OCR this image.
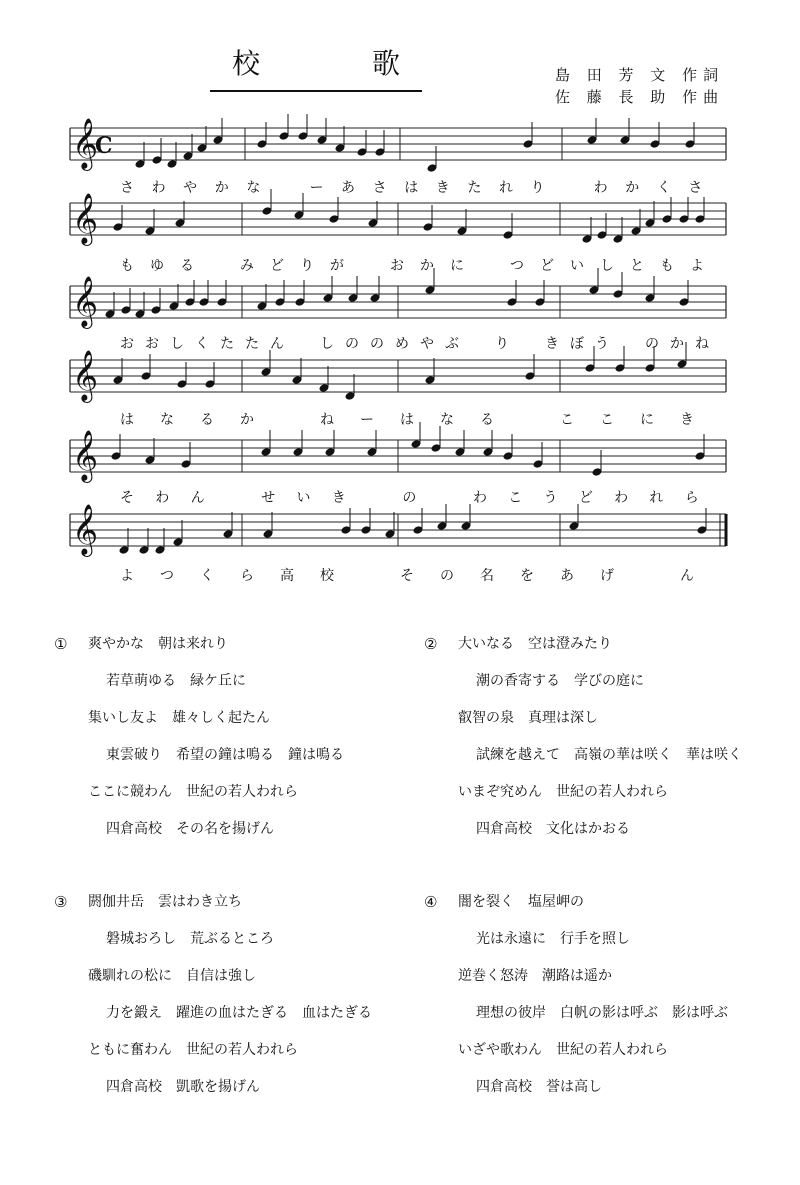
校	歌	島 田 芳 文 作詞
佐 藤 長 助 作曲
𝄞
𝄞
𝄞
𝄞
𝄞
𝄞
C
さ わ や か な	ー あ さ は き た れ り	わ か く さ
も ゆ る	み ど り が	お か に	つ ど い し と も よ
お お し く た た ん	し の の め や ぶ	り	き ぼ う	の か ね
は な る か	ね ー は な る	こ こ に き
そ わ ん	せ い き	の	わ こ う ど わ れ ら
よ つ く ら 高 校	そ の 名 を あ げ	ん
① 爽やかな　朝は来れり
若草萌ゆる　緑ケ丘に
集いし友よ　雄々しく起たん
東雲破り　希望の鐘は鳴る　鐘は鳴る
ここに競わん　世紀の若人われら
四倉高校　その名を揚げん
② 大いなる　空は澄みたり
潮の香寄する　学びの庭に
叡智の泉　真理は深し
試練を越えて　高嶺の華は咲く　華は咲く
いまぞ究めん　世紀の若人われら
四倉高校　文化はかおる
③ 閼伽井岳　雲はわき立ち
磐城おろし　荒ぶるところ
磯馴れの松に　自信は強し
力を鍛え　躍進の血はたぎる　血はたぎる
ともに奮わん　世紀の若人われら
四倉高校　凱歌を揚げん
④ 闇を裂く　塩屋岬の
光は永遠に　行手を照し
逆巻く怒涛　潮路は遥か
理想の彼岸　白帆の影は呼ぶ　影は呼ぶ
いざや歌わん　世紀の若人われら
四倉高校　誉は高し
